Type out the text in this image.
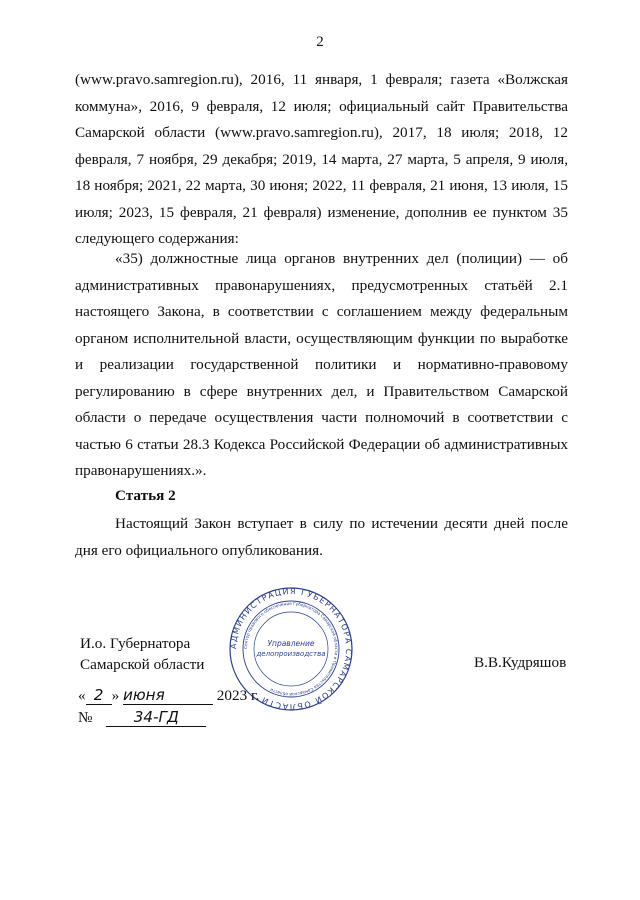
2

(www.pravo.samregion.ru), 2016, 11 января, 1 февраля; газета «Волжская коммуна», 2016, 9 февраля, 12 июля; официальный сайт Правительства Самарской области (www.pravo.samregion.ru), 2017, 18 июля; 2018, 12 февраля, 7 ноября, 29 декабря; 2019, 14 марта, 27 марта, 5 апреля, 9 июля, 18 ноября; 2021, 22 марта, 30 июня; 2022, 11 февраля, 21 июня, 13 июля, 15 июля; 2023, 15 февраля, 21 февраля) изменение, дополнив ее пунктом 35 следующего содержания:

«35) должностные лица органов внутренних дел (полиции) — об административных правонарушениях, предусмотренных статьёй 2.1 настоящего Закона, в соответствии с соглашением между федеральным органом исполнительной власти, осуществляющим функции по выработке и реализации государственной политики и нормативно-правовому регулированию в сфере внутренних дел, и Правительством Самарской области о передаче осуществления части полномочий в соответствии с частью 6 статьи 28.3 Кодекса Российской Федерации об административных правонарушениях.».

Статья 2

Настоящий Закон вступает в силу по истечении десяти дней после дня его официального опубликования.

И.о. Губернатора
Самарской области	В.В.Кудряшов
АДМИНИСТРАЦИЯ ГУБЕРНАТОРА САМАРСКОЙ ОБЛАСТИ
Сектор правового обеспечения Губернатора Самарской области и Правительства Самарской области
Управление
делопроизводства
« 2 » июня	2023 г.
№	34-ГД
